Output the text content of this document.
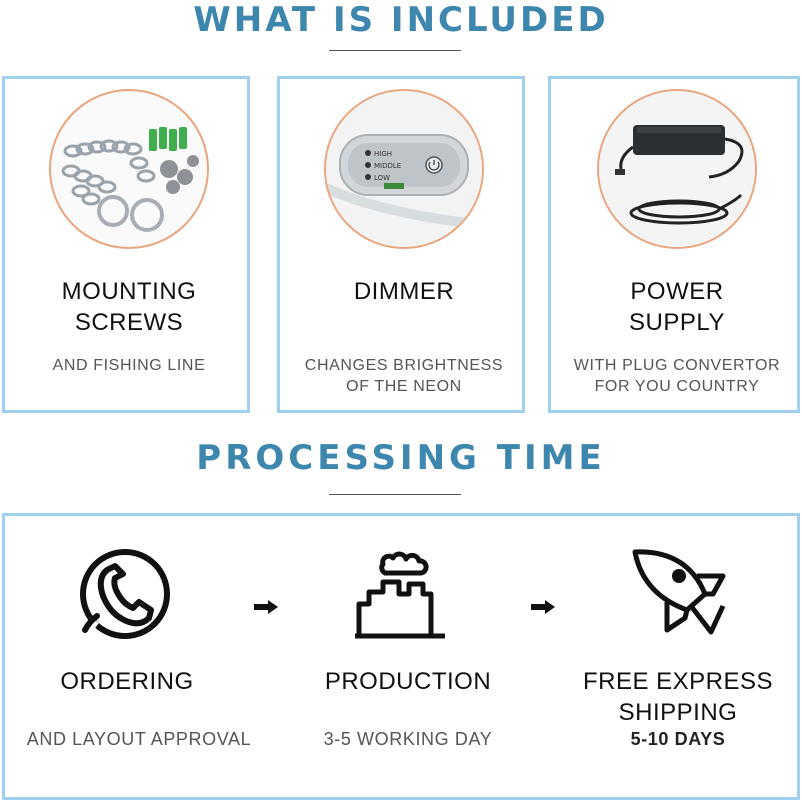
WHAT IS INCLUDED
MOUNTING
SCREWS
AND FISHING LINE
HIGH
MIDDLE
LOW
DIMMER
CHANGES BRIGHTNESS
OF THE NEON
POWER
SUPPLY
WITH PLUG CONVERTOR
FOR YOU COUNTRY
PROCESSING TIME
ORDERING
AND LAYOUT APPROVAL
PRODUCTION
3-5 WORKING DAY
FREE EXPRESS
SHIPPING
5-10 DAYS
